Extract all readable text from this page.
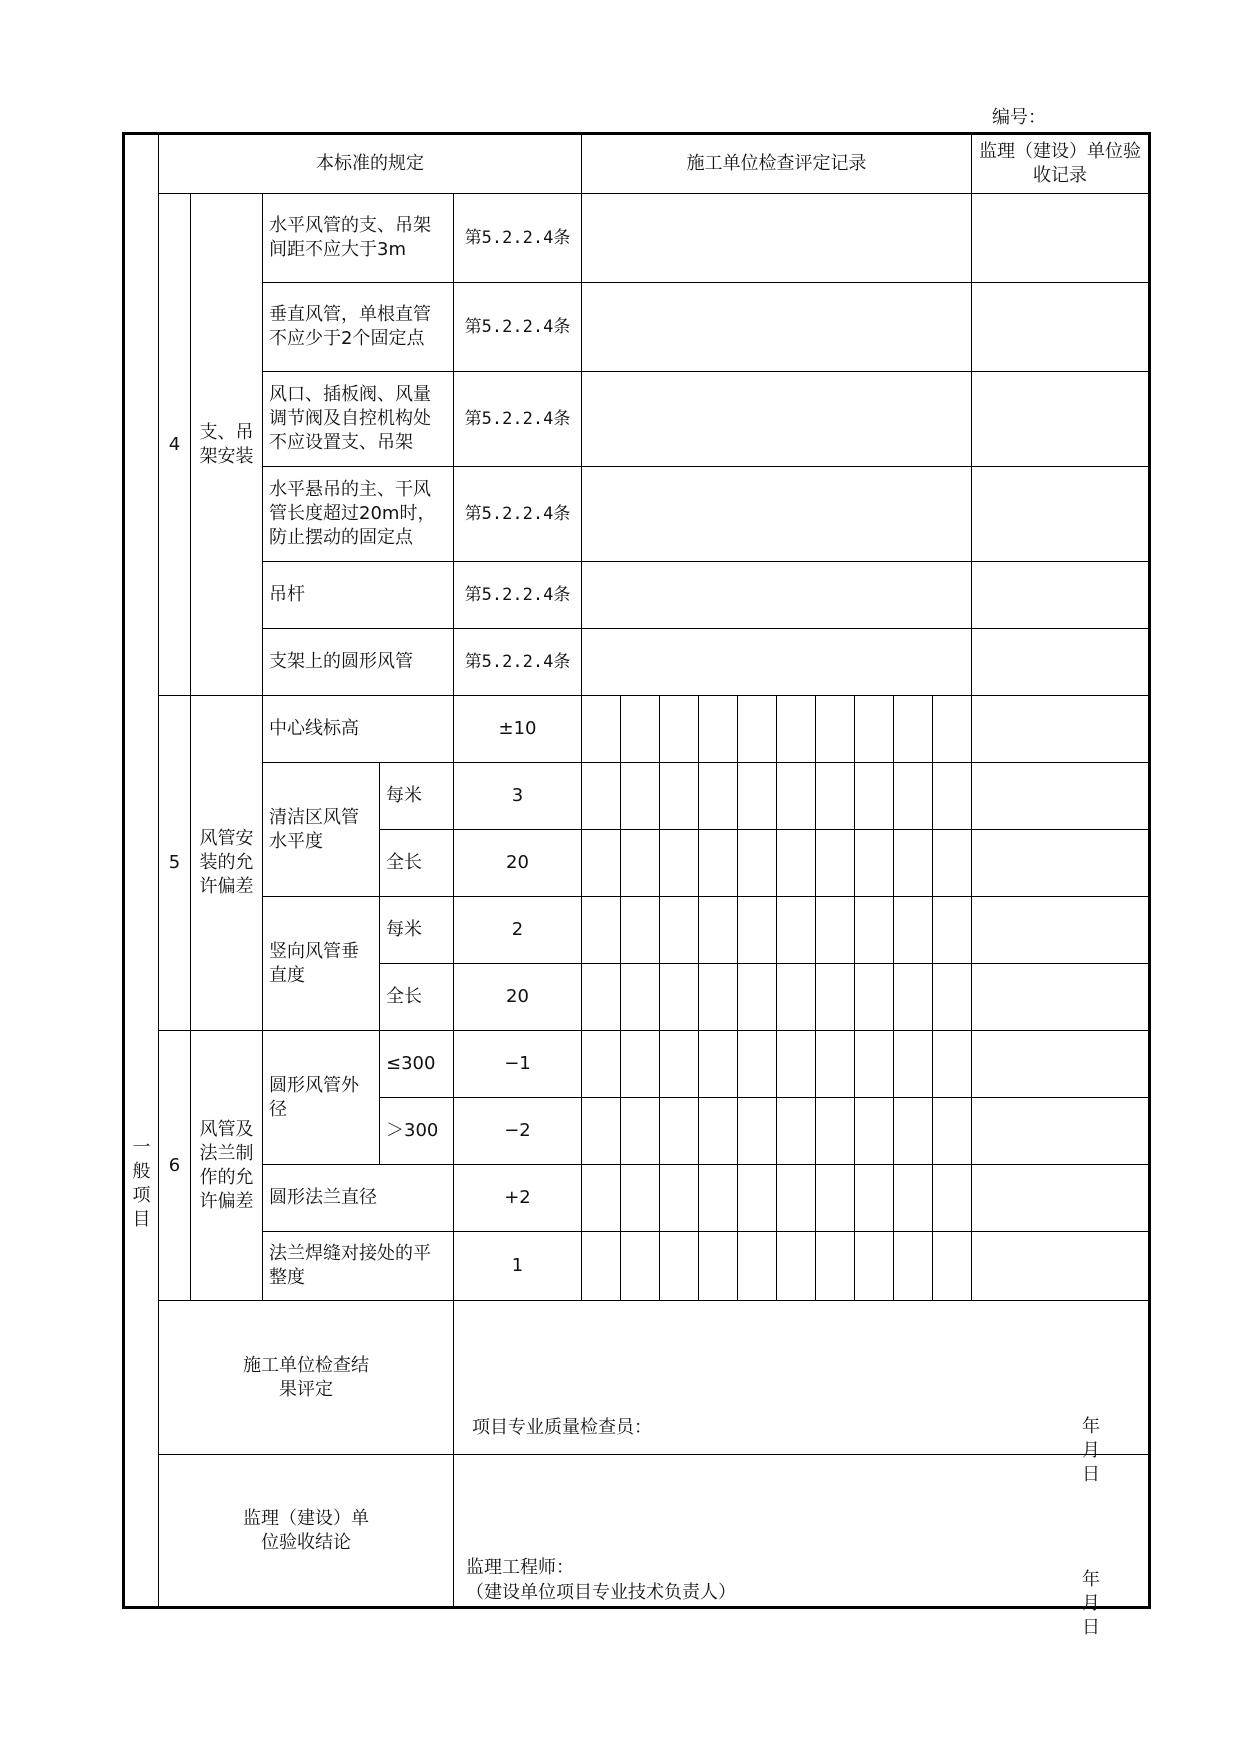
编号：
一般项目	本标准的规定					施工单位检查评定记录										监理（建设）单位验收记录
	4	支、吊架安装	水平风管的支、吊架间距不应大于3m		第5.2.2.4条											
			垂直风管，单根直管不应少于2个固定点		第5.2.2.4条											
			风口、插板阀、风量调节阀及自控机构处不应设置支、吊架		第5.2.2.4条											
			水平悬吊的主、干风管长度超过20m时，防止摆动的固定点		第5.2.2.4条											
			吊杆		第5.2.2.4条											
			支架上的圆形风管		第5.2.2.4条											
	5	风管安装的允许偏差	中心线标高		±10											
			清洁区风管水平度	每米	3											
				全长	20											
			竖向风管垂直度	每米	2											
				全长	20											
	6	风管及法兰制作的允许偏差	圆形风管外径	≤300	−1											
				＞300	−2											
			圆形法兰直径		+2											
			法兰焊缝对接处的平整度		1											

	施工单位检查结果评定				项目专业质量检查员： 年月日											

	监理（建设）单位验收结论				监理工程师：
（建设单位项目专业技术负责人）
年月日											
